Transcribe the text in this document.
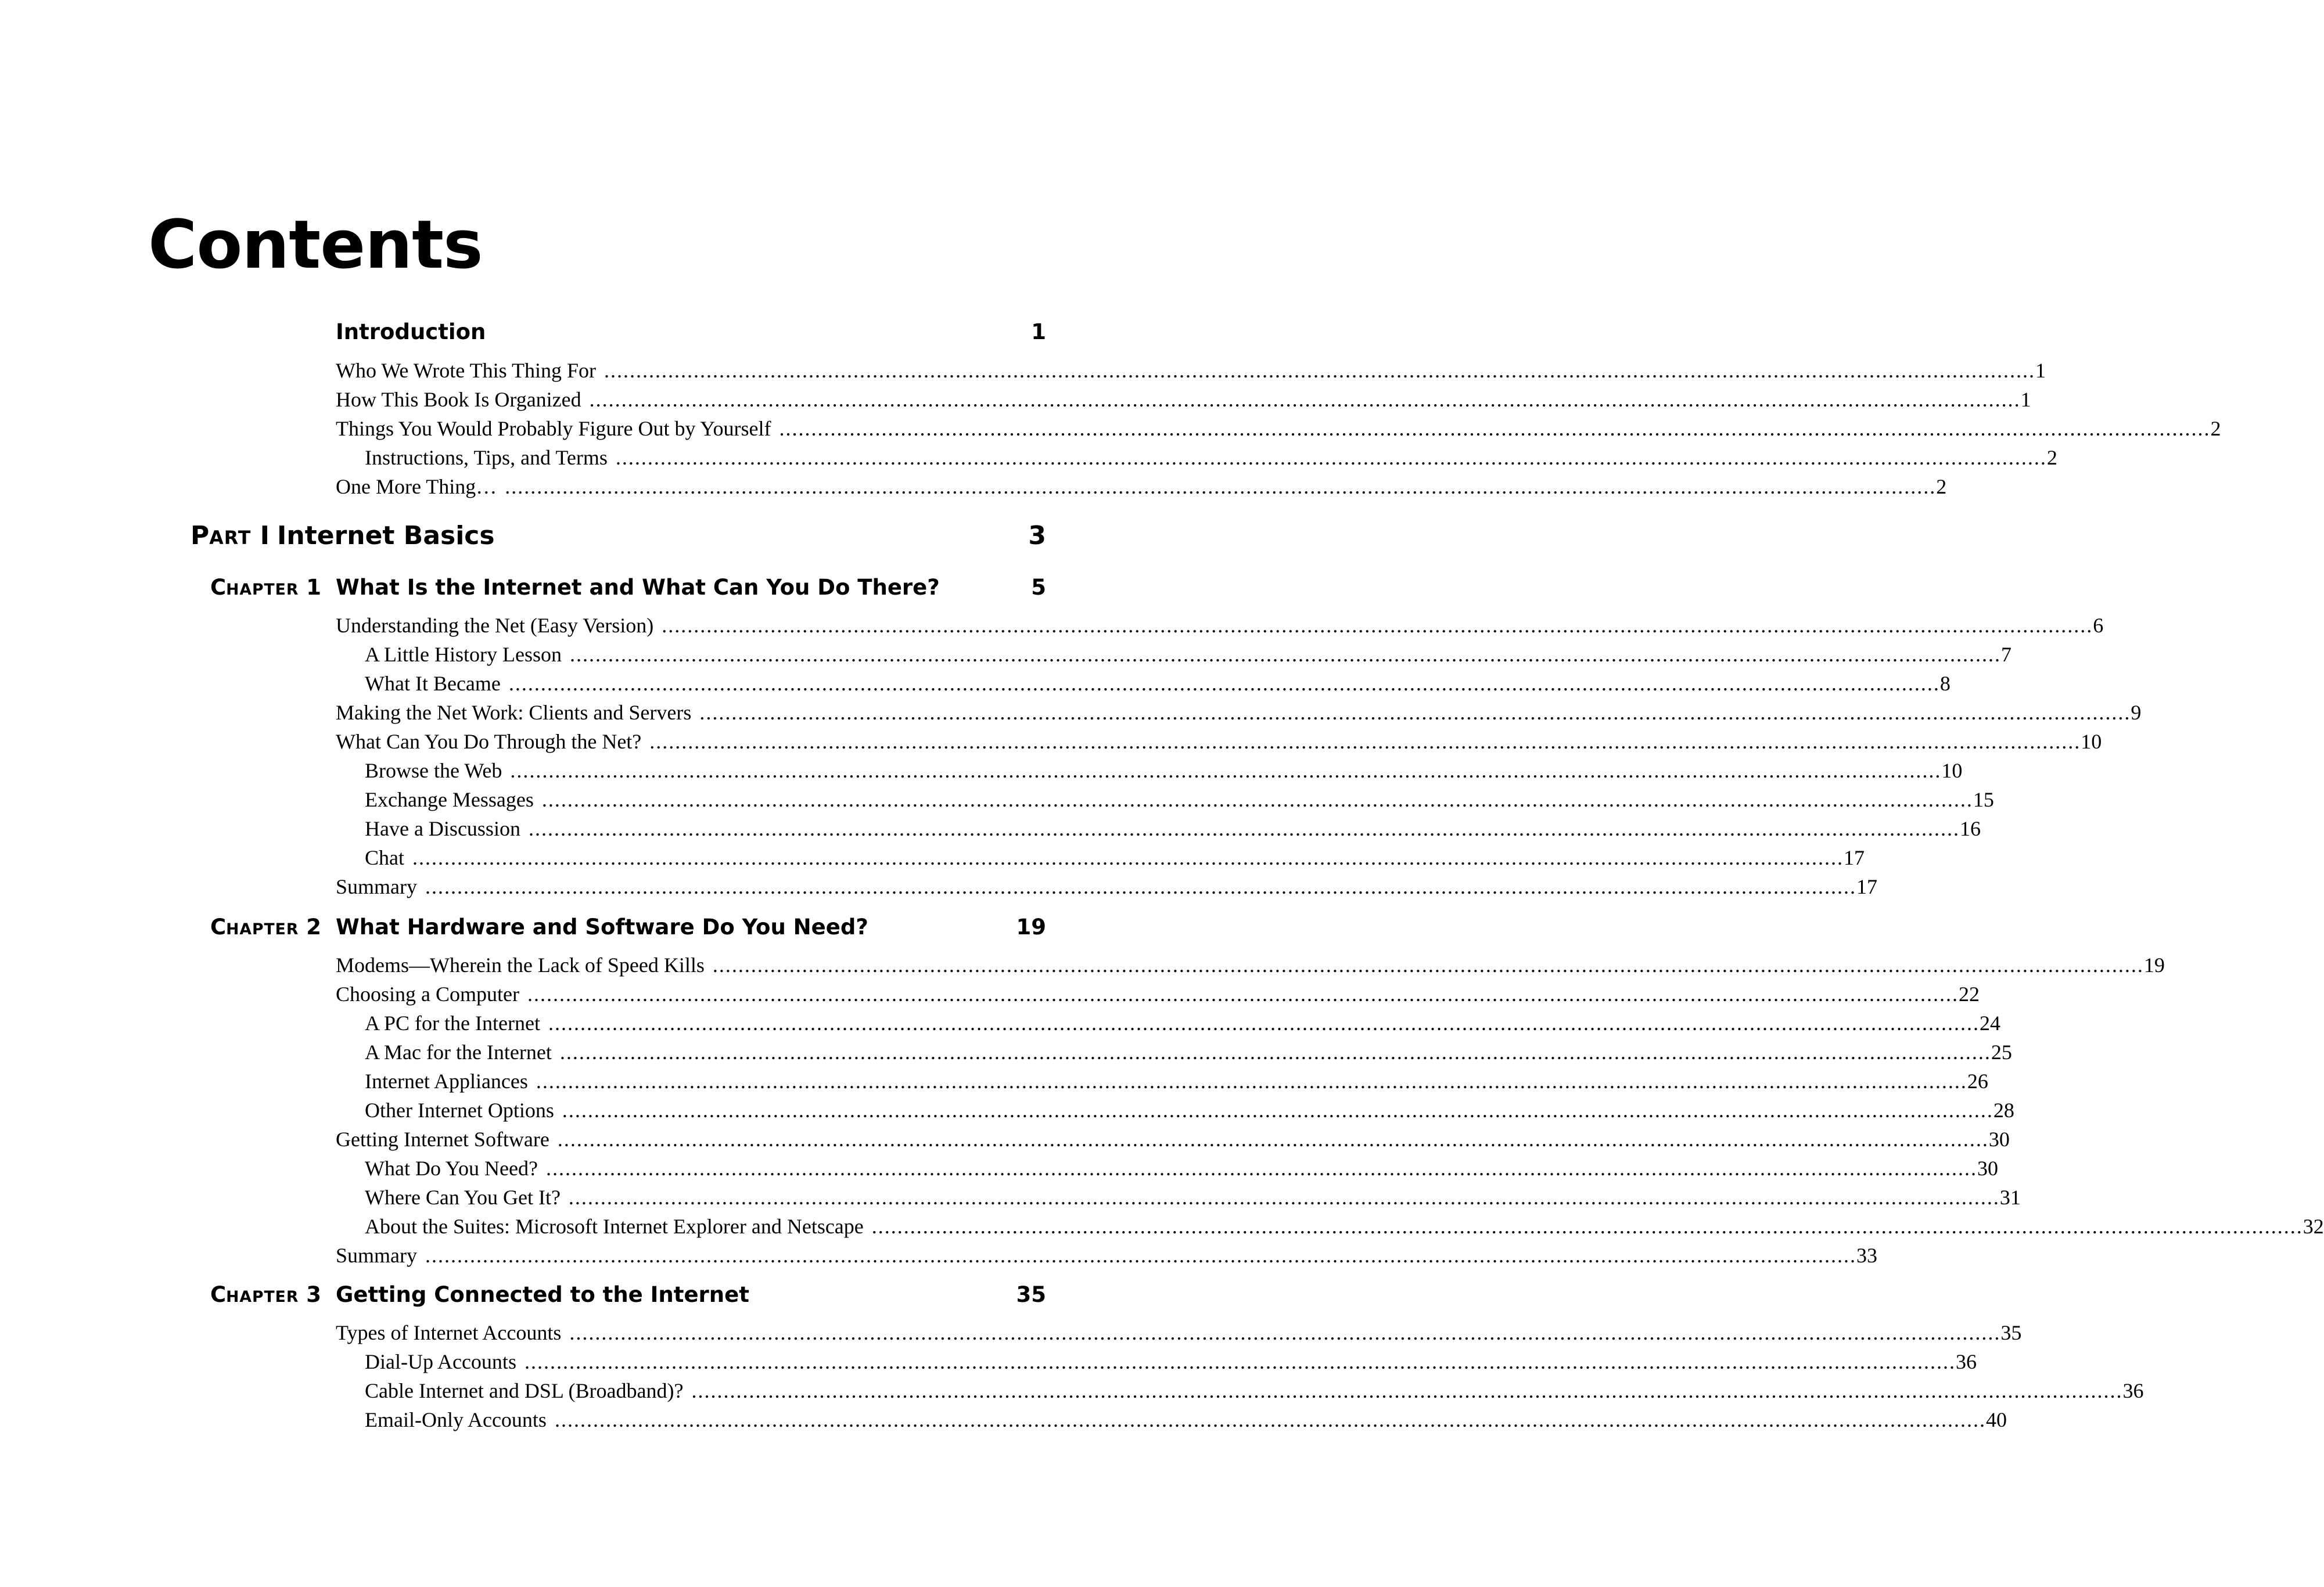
Contents
Introduction	1
Who We Wrote This Thing For ................................................................................................................................................................................................................................ 1
How This Book Is Organized ................................................................................................................................................................................................................................ 1
Things You Would Probably Figure Out by Yourself ................................................................................................................................................................................................................................ 2
Instructions, Tips, and Terms ................................................................................................................................................................................................................................ 2
One More Thing… ................................................................................................................................................................................................................................ 2
PART I Internet Basics	3
CHAPTER 1 What Is the Internet and What Can You Do There?	5
Understanding the Net (Easy Version) ................................................................................................................................................................................................................................ 6
A Little History Lesson ................................................................................................................................................................................................................................ 7
What It Became ................................................................................................................................................................................................................................ 8
Making the Net Work: Clients and Servers ................................................................................................................................................................................................................................ 9
What Can You Do Through the Net? ................................................................................................................................................................................................................................ 10
Browse the Web ................................................................................................................................................................................................................................ 10
Exchange Messages ................................................................................................................................................................................................................................ 15
Have a Discussion ................................................................................................................................................................................................................................ 16
Chat ................................................................................................................................................................................................................................ 17
Summary ................................................................................................................................................................................................................................ 17
CHAPTER 2 What Hardware and Software Do You Need?	19
Modems—Wherein the Lack of Speed Kills ................................................................................................................................................................................................................................ 19
Choosing a Computer ................................................................................................................................................................................................................................ 22
A PC for the Internet ................................................................................................................................................................................................................................ 24
A Mac for the Internet ................................................................................................................................................................................................................................ 25
Internet Appliances ................................................................................................................................................................................................................................ 26
Other Internet Options ................................................................................................................................................................................................................................ 28
Getting Internet Software ................................................................................................................................................................................................................................ 30
What Do You Need? ................................................................................................................................................................................................................................ 30
Where Can You Get It? ................................................................................................................................................................................................................................ 31
About the Suites: Microsoft Internet Explorer and Netscape ................................................................................................................................................................................................................................ 32
Summary ................................................................................................................................................................................................................................ 33
CHAPTER 3 Getting Connected to the Internet	35
Types of Internet Accounts ................................................................................................................................................................................................................................ 35
Dial-Up Accounts ................................................................................................................................................................................................................................ 36
Cable Internet and DSL (Broadband)? ................................................................................................................................................................................................................................ 36
Email-Only Accounts ................................................................................................................................................................................................................................ 40
